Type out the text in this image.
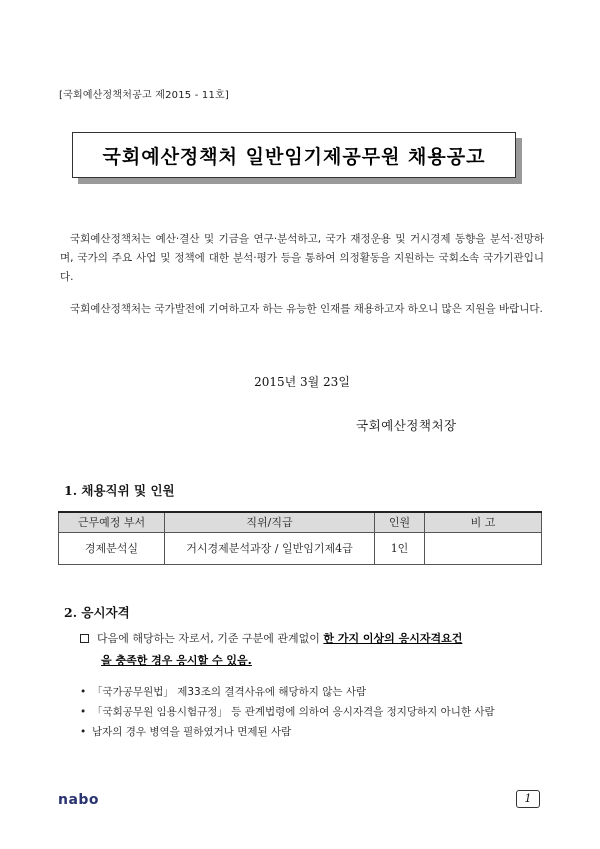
[국회예산정책처공고 제2015 - 11호]
국회예산정책처 일반임기제공무원 채용공고

국회예산정책처는 예산·결산 및 기금을 연구·분석하고, 국가 재정운용 및 거시경제 동향을 분석·전망하며, 국가의 주요 사업 및 정책에 대한 분석·평가 등을 통하여 의정활동을 지원하는 국회소속 국가기관입니다.

국회예산정책처는 국가발전에 기여하고자 하는 유능한 인재를 채용하고자 하오니 많은 지원을 바랍니다.

2015년 3월 23일
국회예산정책처장
1. 채용직위 및 인원
근무예정 부서	직위/직급	인원	비 고
경제분석실	거시경제분석과장 / 일반임기제4급	1인	
2. 응시자격
다음에 해당하는 자로서, 기준 구분에 관계없이 한 가지 이상의 응시자격요건
을 충족한 경우 응시할 수 있음.
• 「국가공무원법」 제33조의 결격사유에 해당하지 않는 사람
• 「국회공무원 임용시험규정」 등 관계법령에 의하여 응시자격을 정지당하지 아니한 사람
• 남자의 경우 병역을 필하였거나 면제된 사람
nabo	1
